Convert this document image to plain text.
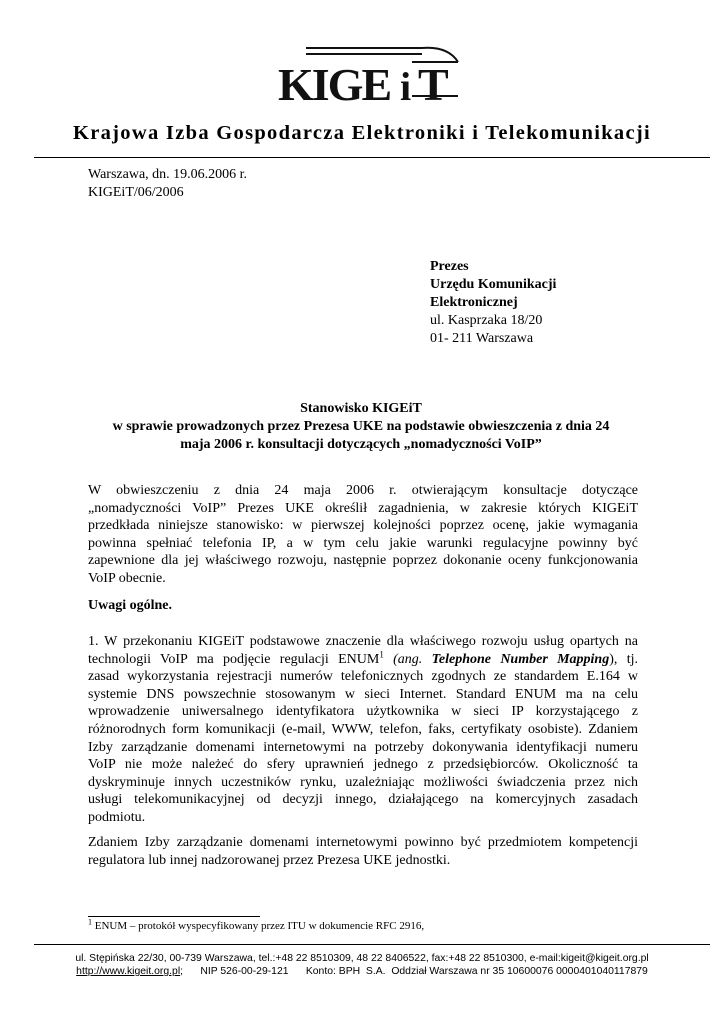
KIGE i T
Krajowa Izba Gospodarcza Elektroniki i Telekomunikacji
Warszawa, dn. 19.06.2006 r.
KIGEiT/06/2006
Prezes
Urzędu Komunikacji
Elektronicznej
ul. Kasprzaka 18/20
01- 211 Warszawa
Stanowisko KIGEiT
w sprawie prowadzonych przez Prezesa UKE na podstawie obwieszczenia z dnia 24
maja 2006 r. konsultacji dotyczących „nomadyczności VoIP”
W obwieszczeniu z dnia 24 maja 2006 r. otwierającym konsultacje dotyczące
„nomadyczności VoIP” Prezes UKE określił zagadnienia, w zakresie których KIGEiT
przedkłada niniejsze stanowisko: w pierwszej kolejności poprzez ocenę, jakie wymagania
powinna spełniać telefonia IP, a w tym celu jakie warunki regulacyjne powinny być
zapewnione dla jej właściwego rozwoju, następnie poprzez dokonanie oceny funkcjonowania
VoIP obecnie.
Uwagi ogólne.
1. W przekonaniu KIGEiT podstawowe znaczenie dla właściwego rozwoju usług opartych na
technologii VoIP ma podjęcie regulacji ENUM$^1$ (ang. Telephone Number Mapping), tj.
zasad wykorzystania rejestracji numerów telefonicznych zgodnych ze standardem E.164 w
systemie DNS powszechnie stosowanym w sieci Internet. Standard ENUM ma na celu
wprowadzenie uniwersalnego identyfikatora użytkownika w sieci IP korzystającego z
różnorodnych form komunikacji (e-mail, WWW, telefon, faks, certyfikaty osobiste). Zdaniem
Izby zarządzanie domenami internetowymi na potrzeby dokonywania identyfikacji numeru
VoIP nie może należeć do sfery uprawnień jednego z przedsiębiorców. Okoliczność ta
dyskryminuje innych uczestników rynku, uzależniając możliwości świadczenia przez nich
usługi telekomunikacyjnej od decyzji innego, działającego na komercyjnych zasadach
podmiotu.
Zdaniem Izby zarządzanie domenami internetowymi powinno być przedmiotem kompetencji
regulatora lub innej nadzorowanej przez Prezesa UKE jednostki.
$^1$ ENUM – protokół wyspecyfikowany przez ITU w dokumencie RFC 2916,
ul. Stępińska 22/30, 00-739 Warszawa, tel.:+48 22 8510309, 48 22 8406522, fax:+48 22 8510300, e-mail:kigeit@kigeit.org.pl
http://www.kigeit.org.pl;      NIP 526-00-29-121      Konto: BPH  S.A.  Oddział Warszawa nr 35 10600076 0000401040117879
